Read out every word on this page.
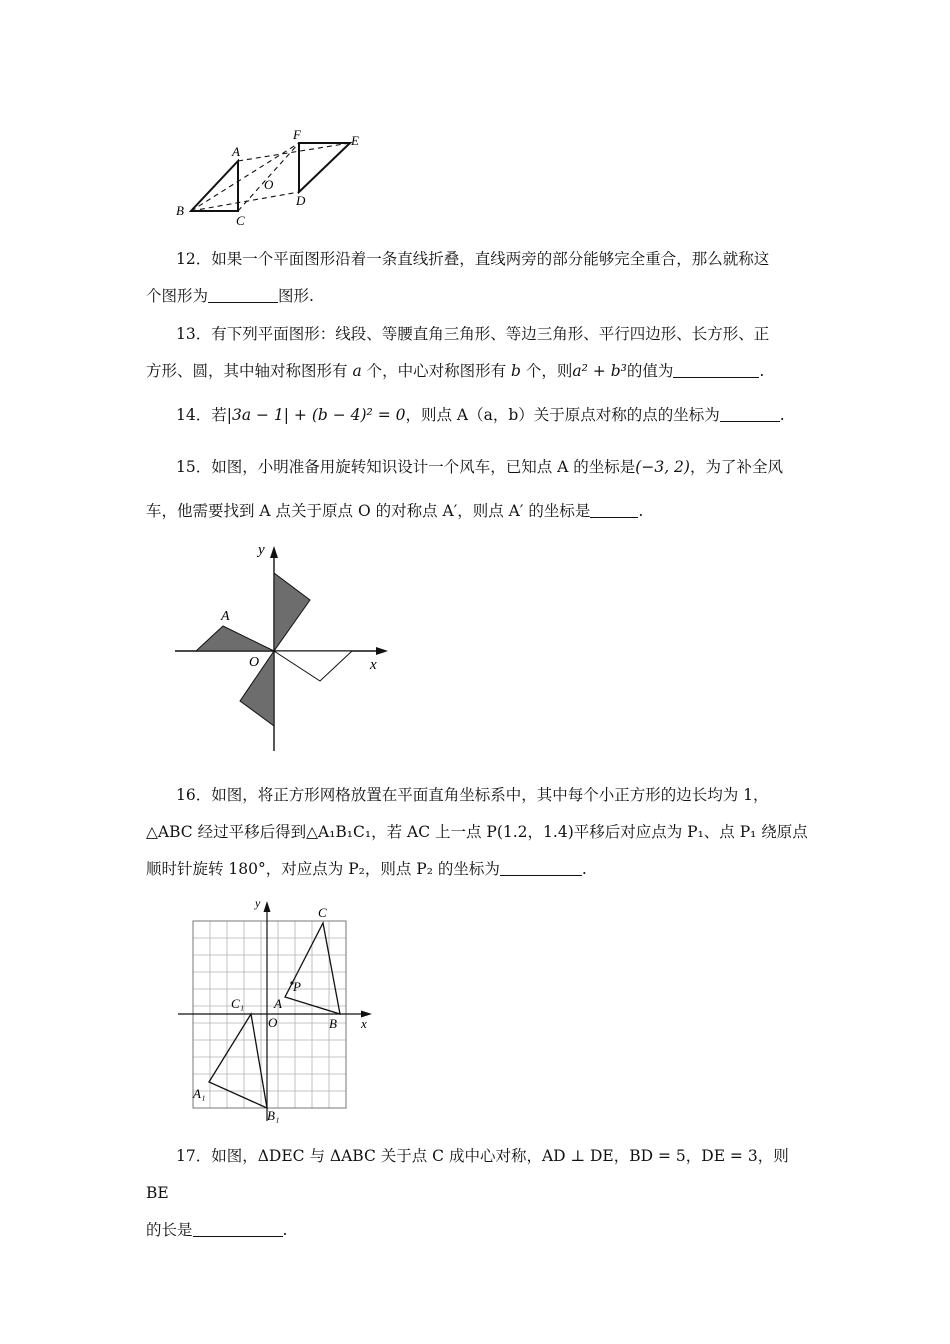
A
B
C
O
D
F	E

12．如果一个平面图形沿着一条直线折叠，直线两旁的部分能够完全重合，那么就称这

个图形为	图形.

13．有下列平面图形：线段、等腰直角三角形、等边三角形、平行四边形、长方形、正

方形、圆，其中轴对称图形有 a 个，中心对称图形有 b 个，则a² + b³的值为	.

14．若|3a − 1| + (b − 4)² = 0，则点 A（a，b）关于原点对称的点的坐标为	.

15．如图，小明准备用旋转知识设计一个风车，已知点 A 的坐标是(−3, 2)，为了补全风

车，他需要找到 A 点关于原点 O 的对称点 A′，则点 A′ 的坐标是	.

y
A
O	x

16．如图，将正方形网格放置在平面直角坐标系中，其中每个小正方形的边长均为 1，

△ABC 经过平移后得到△A₁B₁C₁，若 AC 上一点 P(1.2，1.4)平移后对应点为 P₁、点 P₁ 绕原点

顺时针旋转 180°，对应点为 P₂，则点 P₂ 的坐标为	.

y
x
C
P
A
B
O
C₁
A₁
B₁

17．如图，ΔDEC 与 ΔABC 关于点 C 成中心对称，AD ⊥ DE，BD = 5，DE = 3，则 BE

的长是	.
